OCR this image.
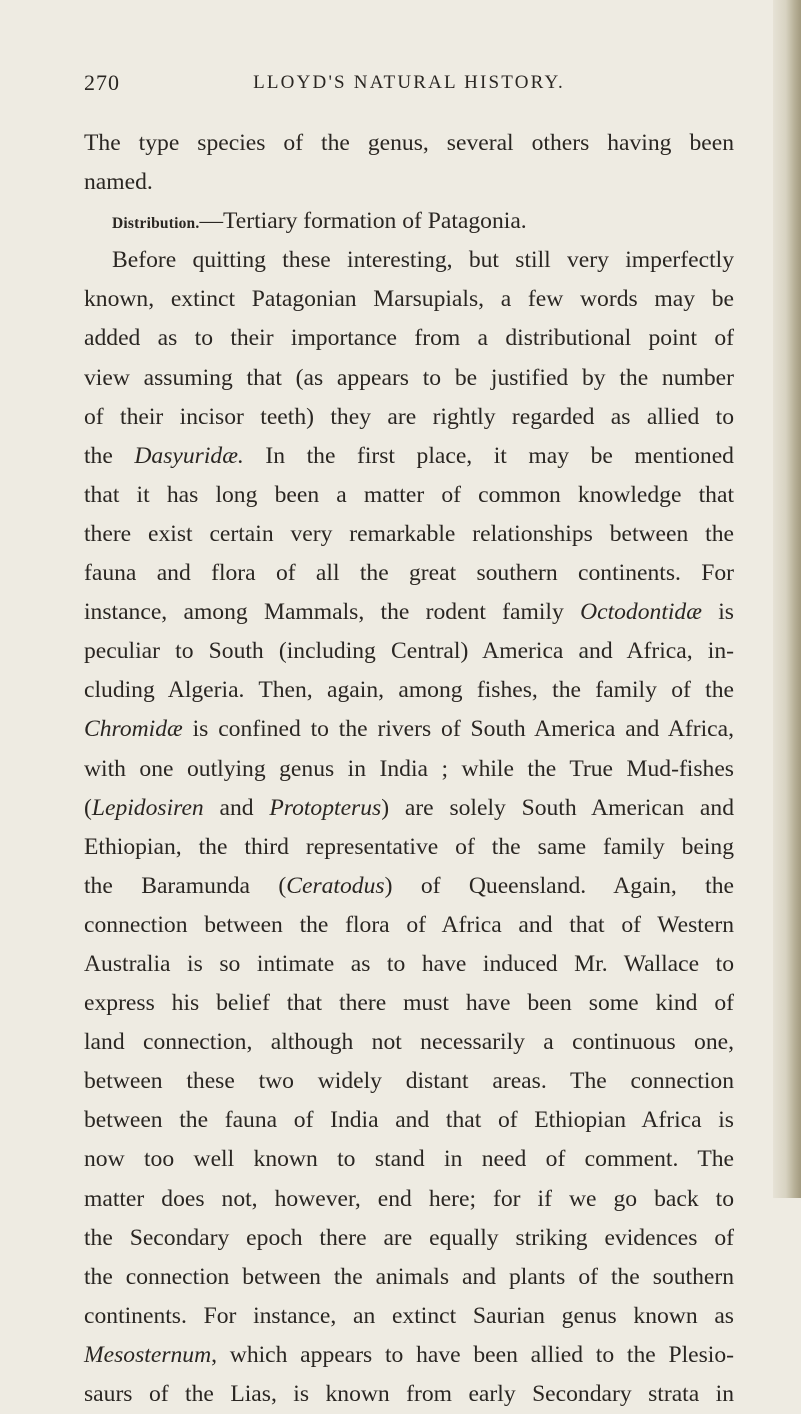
270	LLOYD'S NATURAL HISTORY.
The type species of the genus, several others having been
named.
Distribution.—Tertiary formation of Patagonia.
Before quitting these interesting, but still very imperfectly
known, extinct Patagonian Marsupials, a few words may be
added as to their importance from a distributional point of
view assuming that (as appears to be justified by the number
of their incisor teeth) they are rightly regarded as allied to
the Dasyuridæ. In the first place, it may be mentioned
that it has long been a matter of common knowledge that
there exist certain very remarkable relationships between the
fauna and flora of all the great southern continents. For
instance, among Mammals, the rodent family Octodontidæ is
peculiar to South (including Central) America and Africa, in-
cluding Algeria. Then, again, among fishes, the family of the
Chromidæ is confined to the rivers of South America and Africa,
with one outlying genus in India ; while the True Mud-fishes
(Lepidosiren and Protopterus) are solely South American and
Ethiopian, the third representative of the same family being
the Baramunda (Ceratodus) of Queensland. Again, the
connection between the flora of Africa and that of Western
Australia is so intimate as to have induced Mr. Wallace to
express his belief that there must have been some kind of
land connection, although not necessarily a continuous one,
between these two widely distant areas. The connection
between the fauna of India and that of Ethiopian Africa is
now too well known to stand in need of comment. The
matter does not, however, end here; for if we go back to
the Secondary epoch there are equally striking evidences of
the connection between the animals and plants of the southern
continents. For instance, an extinct Saurian genus known as
Mesosternum, which appears to have been allied to the Plesio-
saurs of the Lias, is known from early Secondary strata in
